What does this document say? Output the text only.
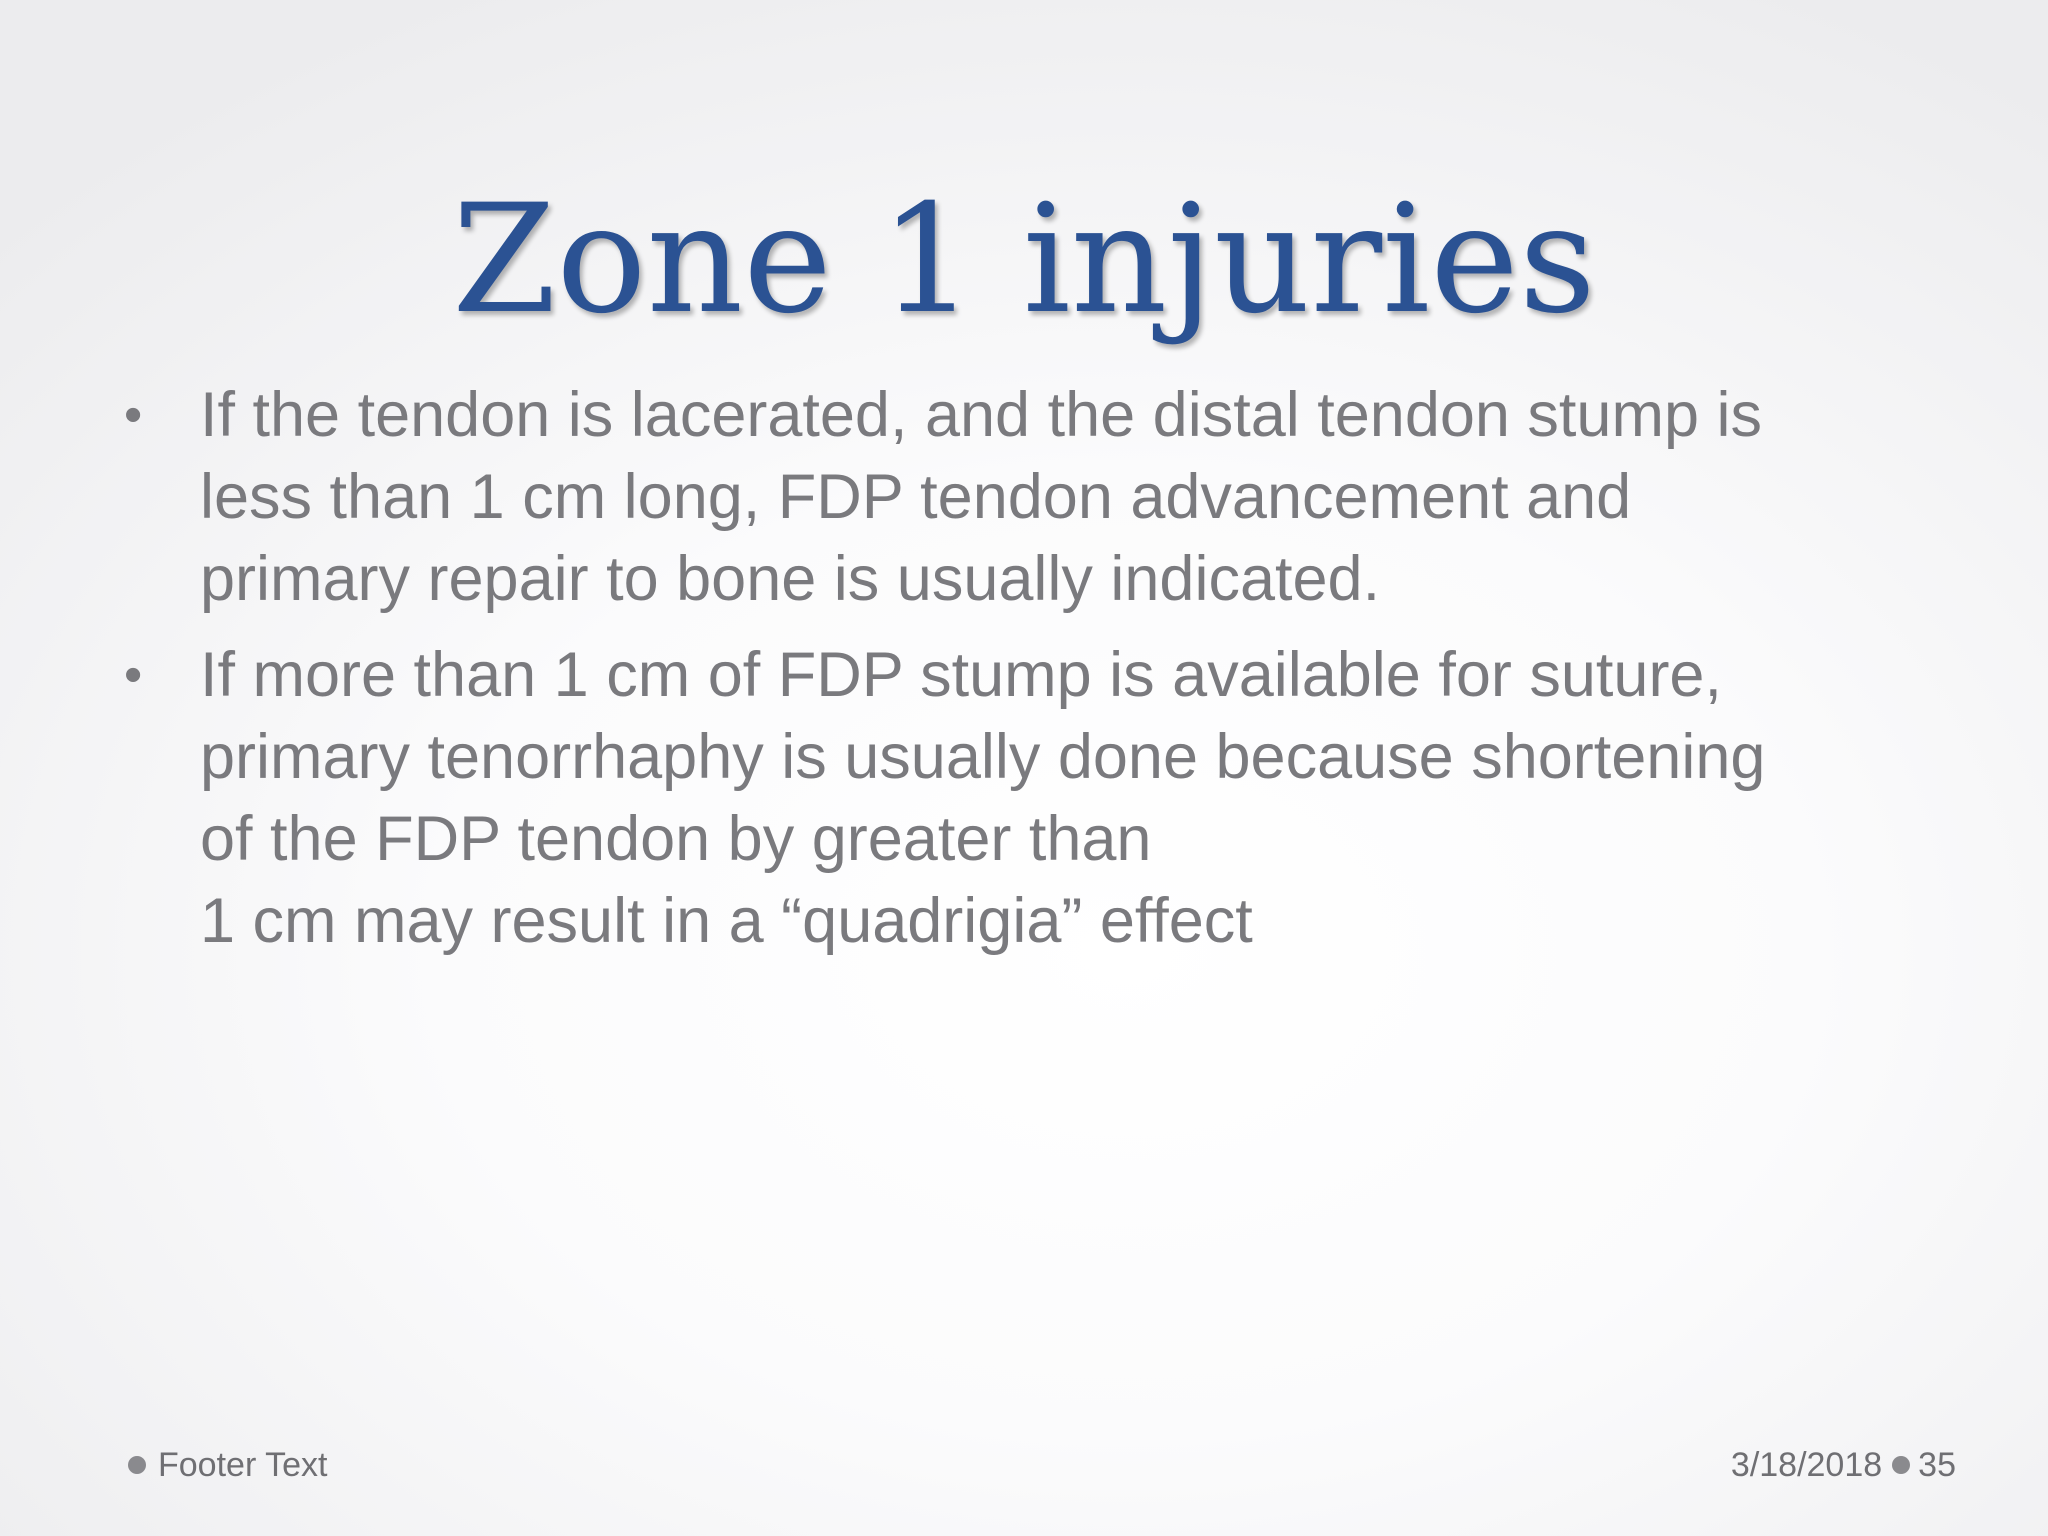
Zone 1 injuries
• If the tendon is lacerated, and the distal tendon stump is
less than 1 cm long, FDP tendon advancement and
primary repair to bone is usually indicated.
• If more than 1 cm of FDP stump is available for suture,
primary tenorrhaphy is usually done because shortening
of the FDP tendon by greater than
1 cm may result in a “quadrigia” effect
Footer Text	3/18/2018 35
